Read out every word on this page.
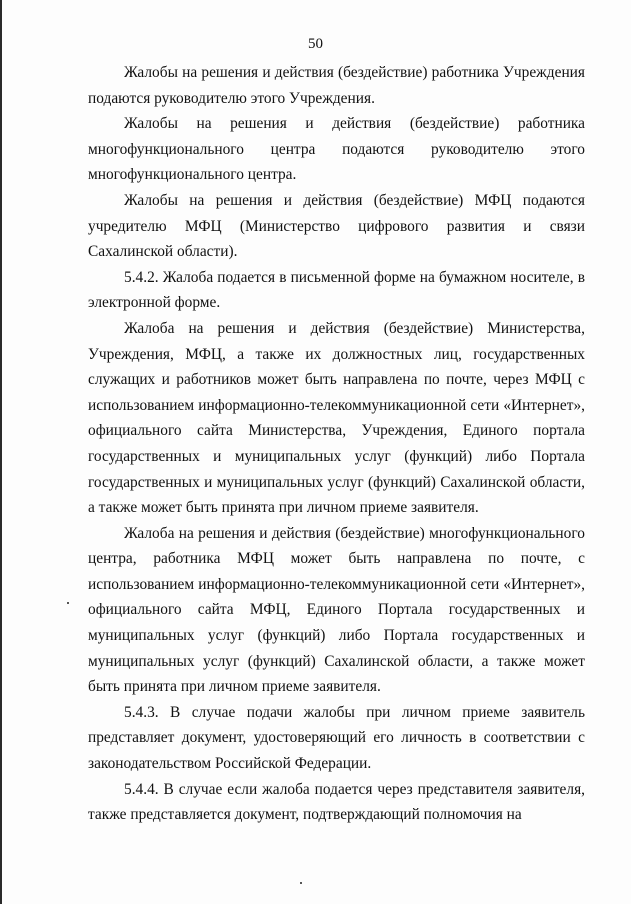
50

Жалобы на решения и действия (бездействие) работника Учреждения подаются руководителю этого Учреждения.

Жалобы на решения и действия (бездействие) работника многофункционального центра подаются руководителю этого многофункционального центра.

Жалобы на решения и действия (бездействие) МФЦ подаются учредителю МФЦ (Министерство цифрового развития и связи Сахалинской области).

5.4.2. Жалоба подается в письменной форме на бумажном носителе, в электронной форме.

Жалоба на решения и действия (бездействие) Министерства, Учреждения, МФЦ, а также их должностных лиц, государственных служащих и работников может быть направлена по почте, через МФЦ с использованием информационно-телекоммуникационной сети «Интернет», официального сайта Министерства, Учреждения, Единого портала государственных и муниципальных услуг (функций) либо Портала государственных и муниципальных услуг (функций) Сахалинской области, а также может быть принята при личном приеме заявителя.

Жалоба на решения и действия (бездействие) многофункционального центра, работника МФЦ может быть направлена по почте, с использованием информационно-телекоммуникационной сети «Интернет», официального сайта МФЦ, Единого Портала государственных и муниципальных услуг (функций) либо Портала государственных и муниципальных услуг (функций) Сахалинской области, а также может быть принята при личном приеме заявителя.

5.4.3. В случае подачи жалобы при личном приеме заявитель представляет документ, удостоверяющий его личность в соответствии с законодательством Российской Федерации.

5.4.4. В случае если жалоба подается через представителя заявителя, также представляется документ, подтверждающий полномочия на
